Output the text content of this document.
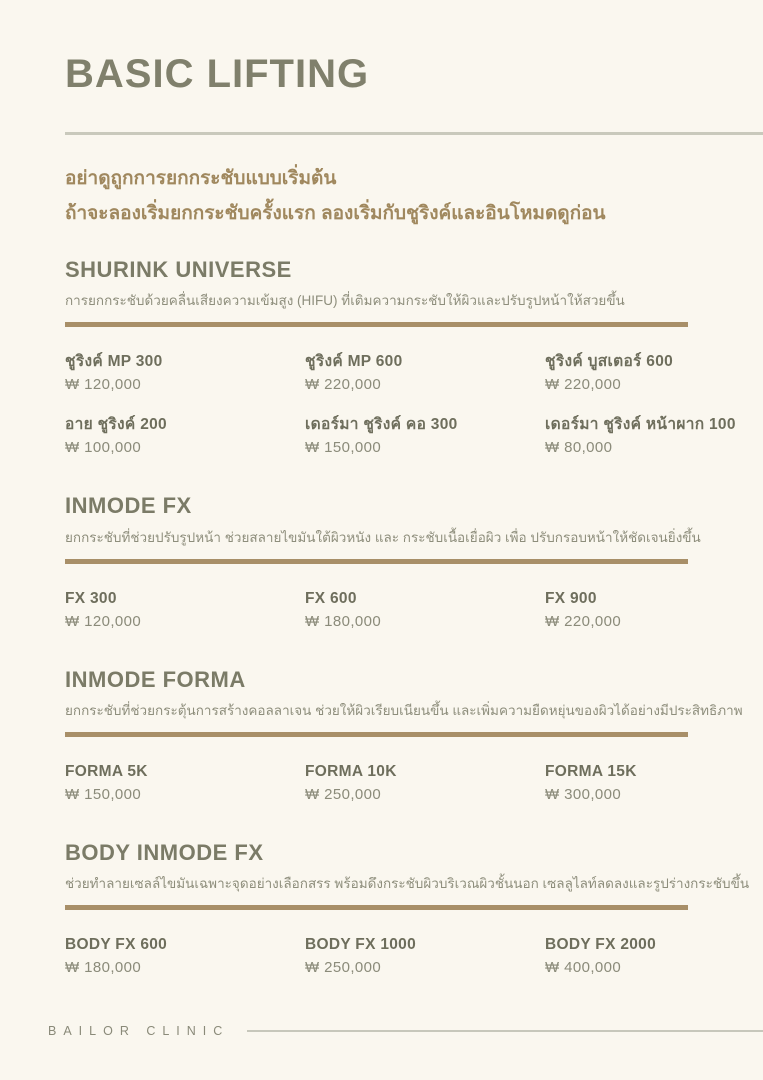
BASIC LIFTING
อย่าดูถูกการยกกระชับแบบเริ่มต้น
ถ้าจะลองเริ่มยกกระชับครั้งแรก ลองเริ่มกับชูริงค์และอินโหมดดูก่อน
SHURINK UNIVERSE
การยกกระชับด้วยคลื่นเสียงความเข้มสูง (HIFU) ที่เติมความกระชับให้ผิวและปรับรูปหน้าให้สวยขึ้น
ชูริงค์ MP 300
₩ 120,000
ชูริงค์ MP 600
₩ 220,000
ชูริงค์ บูสเตอร์ 600
₩ 220,000
อาย ชูริงค์ 200
₩ 100,000
เดอร์มา ชูริงค์ คอ 300
₩ 150,000
เดอร์มา ชูริงค์ หน้าผาก 100
₩ 80,000
INMODE FX
ยกกระชับที่ช่วยปรับรูปหน้า ช่วยสลายไขมันใต้ผิวหนัง และ กระชับเนื้อเยื่อผิว เพื่อ ปรับกรอบหน้าให้ชัดเจนยิ่งขึ้น
FX 300
₩ 120,000
FX 600
₩ 180,000
FX 900
₩ 220,000
INMODE FORMA
ยกกระชับที่ช่วยกระตุ้นการสร้างคอลลาเจน ช่วยให้ผิวเรียบเนียนขึ้น และเพิ่มความยืดหยุ่นของผิวได้อย่างมีประสิทธิภาพ
FORMA 5K
₩ 150,000
FORMA 10K
₩ 250,000
FORMA 15K
₩ 300,000
BODY INMODE FX
ช่วยทำลายเซลล์ไขมันเฉพาะจุดอย่างเลือกสรร พร้อมดึงกระชับผิวบริเวณผิวชั้นนอก เซลลูไลท์ลดลงและรูปร่างกระชับขึ้น
BODY FX 600
₩ 180,000
BODY FX 1000
₩ 250,000
BODY FX 2000
₩ 400,000
BAILOR CLINIC
